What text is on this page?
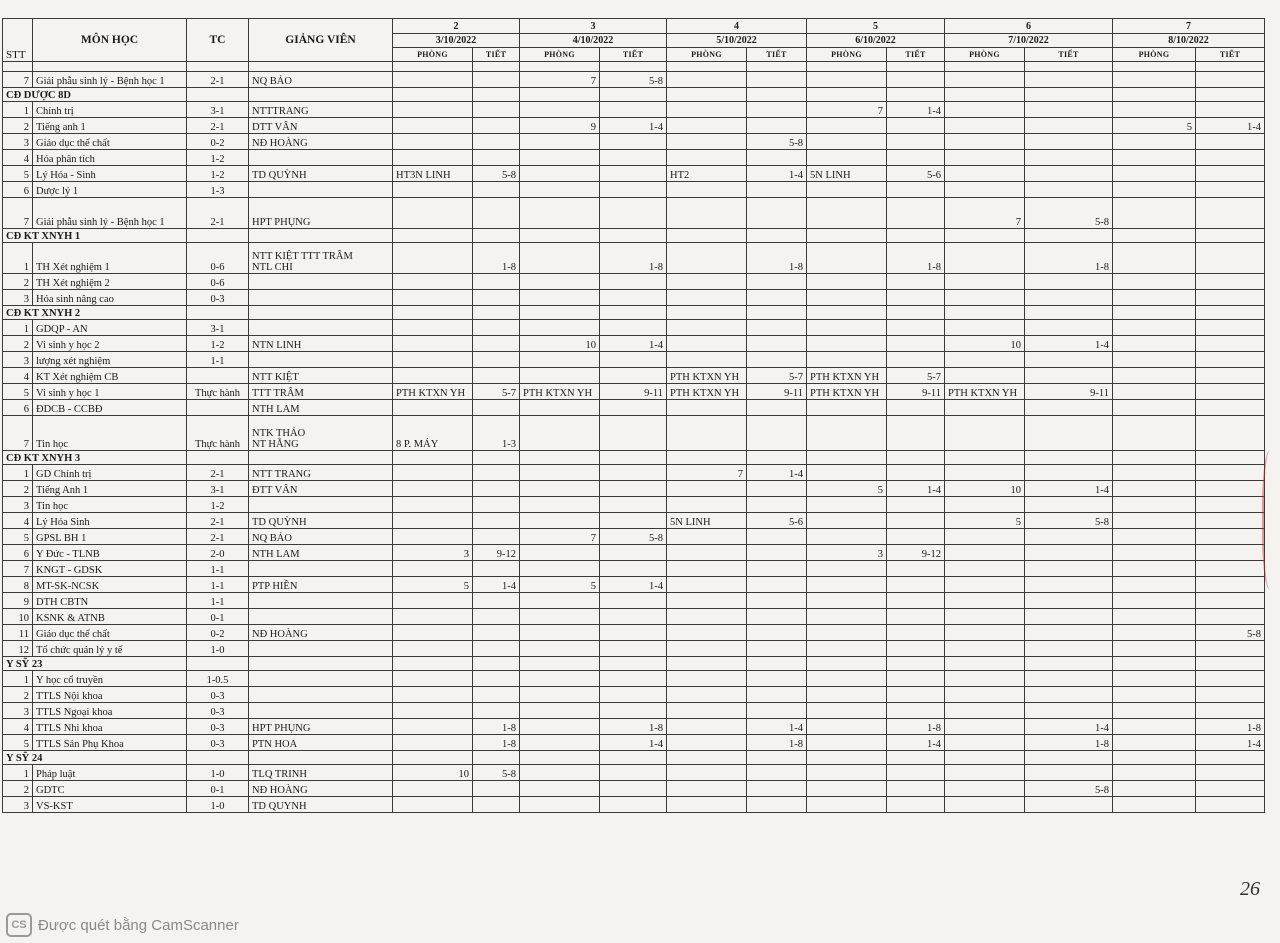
STT	MÔN HỌC	TC	GIẢNG VIÊN	2		3		4		5		6		7	
				3/10/2022		4/10/2022		5/10/2022		6/10/2022		7/10/2022		8/10/2022	
				PHÒNG	TIẾT	PHÒNG	TIẾT	PHÒNG	TIẾT	PHÒNG	TIẾT	PHÒNG	TIẾT	PHÒNG	TIẾT

7	Giải phẫu sinh lý - Bệnh học 1	2-1	NQ BẢO			7	5-8								
CĐ DƯỢC 8D															
1	Chính trị	3-1	NTTTRANG							7	1-4				
2	Tiếng anh 1	2-1	DTT VÂN			9	1-4							5	1-4
3	Giáo dục thể chất	0-2	NĐ HOÀNG						5-8						
4	Hóa phân tích	1-2	

5	Lý Hóa - Sinh	1-2	TD QUỲNH	HT3N LINH	5-8			HT2	1-4	5N LINH	5-6				
6	Dược lý 1	1-3	

7	Giải phẫu sinh lý - Bệnh học 1	2-1	HPT PHỤNG									7	5-8		
CĐ KT XNYH 1															
1	TH Xét nghiệm 1	0-6	NTT KIỆT TTT TRÂM
NTL CHI		1-8		1-8		1-8		1-8		1-8		
2	TH Xét nghiệm 2	0-6	

3	Hóa sinh nâng cao	0-3	

CĐ KT XNYH 2															
1	GDQP - AN	3-1	

2	Vi sinh y học 2	1-2	NTN LINH			10	1-4					10	1-4		
3	lượng xét nghiệm	1-1	

4	KT Xét nghiệm CB		NTT KIỆT					PTH KTXN YH	5-7	PTH KTXN YH	5-7				
5	Vi sinh y học 1	Thực hành	TTT TRÂM	PTH KTXN YH	5-7	PTH KTXN YH	9-11	PTH KTXN YH	9-11	PTH KTXN YH	9-11	PTH KTXN YH	9-11		
6	ĐDCB - CCBĐ		NTH LAM												

7	Tin học	Thực hành	NTK THẢO
NT HẰNG	8 P. MÁY	1-3										
CĐ KT XNYH 3															
1	GD Chính trị	2-1	NTT TRANG					7	1-4						
2	Tiếng Anh 1	3-1	ĐTT VÂN							5	1-4	10	1-4		
3	Tin học	1-2	

4	Lý Hóa Sinh	2-1	TD QUỲNH					5N LINH	5-6			5	5-8		
5	GPSL BH 1	2-1	NQ BẢO			7	5-8								
6	Y Đức - TLNB	2-0	NTH LAM	3	9-12					3	9-12				
7	KNGT - GDSK	1-1	

8	MT-SK-NCSK	1-1	PTP HIỀN	5	1-4	5	1-4								
9	DTH CBTN	1-1	

10	KSNK & ATNB	0-1	

11	Giáo dục thể chất	0-2	NĐ HOÀNG												5-8
12	Tổ chức quản lý y tế	1-0	

Y SỸ 23															
1	Y học cổ truyền	1-0.5	

2	TTLS Nội khoa	0-3	

3	TTLS Ngoại khoa	0-3	

4	TTLS Nhi khoa	0-3	HPT PHỤNG		1-8		1-8		1-4		1-8		1-4		1-8
5	TTLS Sản Phụ Khoa	0-3	PTN HOA		1-8		1-4		1-8		1-4		1-8		1-4
Y SỸ 24															
1	Pháp luật	1-0	TLQ TRINH	10	5-8										
2	GDTC	0-1	NĐ HOÀNG										5-8		
3	VS-KST	1-0	TD QUYNH												

26
CS Được quét bằng CamScanner
